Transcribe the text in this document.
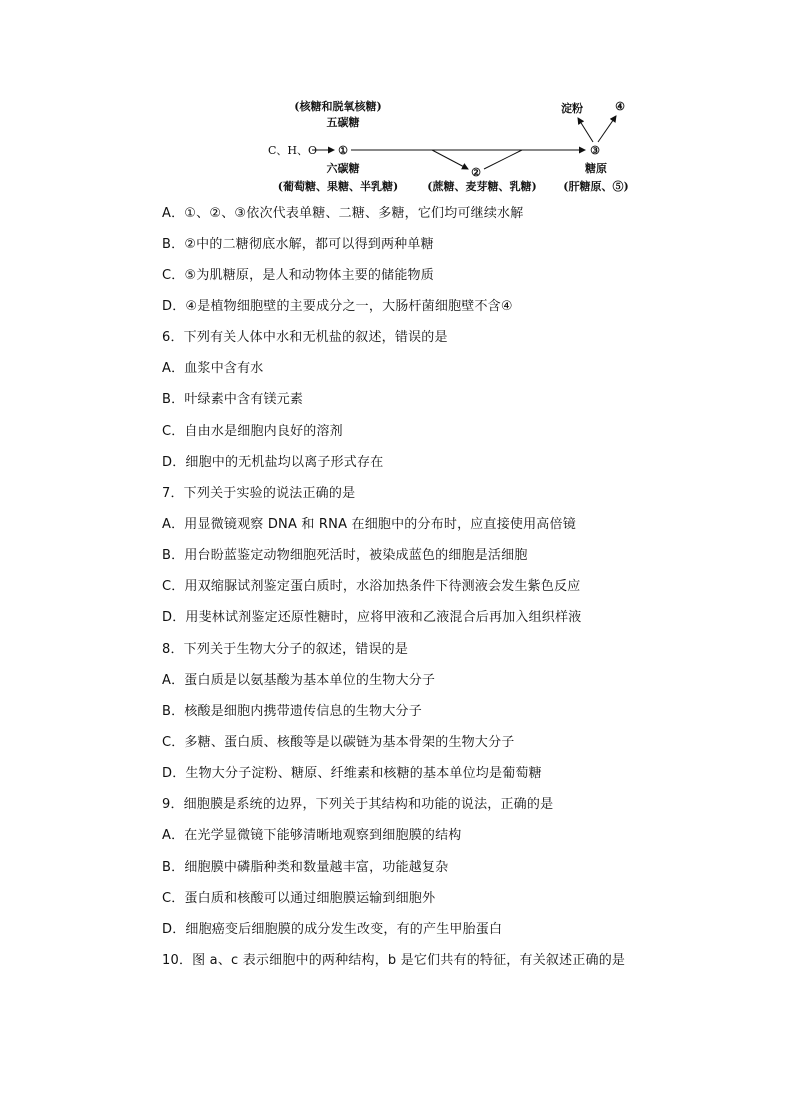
(核糖和脱氧核糖)
五碳糖
C、H、O ①
②
六碳糖
(葡萄糖、果糖、半乳糖)	(蔗糖、麦芽糖、乳糖)
③
淀粉	④
糖原
(肝糖原、⑤)
A．①、②、③依次代表单糖、二糖、多糖，它们均可继续水解
B．②中的二糖彻底水解，都可以得到两种单糖
C．⑤为肌糖原，是人和动物体主要的储能物质
D．④是植物细胞壁的主要成分之一，大肠杆菌细胞壁不含④
6．下列有关人体中水和无机盐的叙述，错误的是
A．血浆中含有水
B．叶绿素中含有镁元素
C．自由水是细胞内良好的溶剂
D．细胞中的无机盐均以离子形式存在
7．下列关于实验的说法正确的是
A．用显微镜观察 DNA 和 RNA 在细胞中的分布时，应直接使用高倍镜
B．用台盼蓝鉴定动物细胞死活时，被染成蓝色的细胞是活细胞
C．用双缩脲试剂鉴定蛋白质时，水浴加热条件下待测液会发生紫色反应
D．用斐林试剂鉴定还原性糖时，应将甲液和乙液混合后再加入组织样液
8．下列关于生物大分子的叙述，错误的是
A．蛋白质是以氨基酸为基本单位的生物大分子
B．核酸是细胞内携带遗传信息的生物大分子
C．多糖、蛋白质、核酸等是以碳链为基本骨架的生物大分子
D．生物大分子淀粉、糖原、纤维素和核糖的基本单位均是葡萄糖
9．细胞膜是系统的边界，下列关于其结构和功能的说法，正确的是
A．在光学显微镜下能够清晰地观察到细胞膜的结构
B．细胞膜中磷脂种类和数量越丰富，功能越复杂
C．蛋白质和核酸可以通过细胞膜运输到细胞外
D．细胞癌变后细胞膜的成分发生改变，有的产生甲胎蛋白
10．图 a、c 表示细胞中的两种结构，b 是它们共有的特征，有关叙述正确的是
